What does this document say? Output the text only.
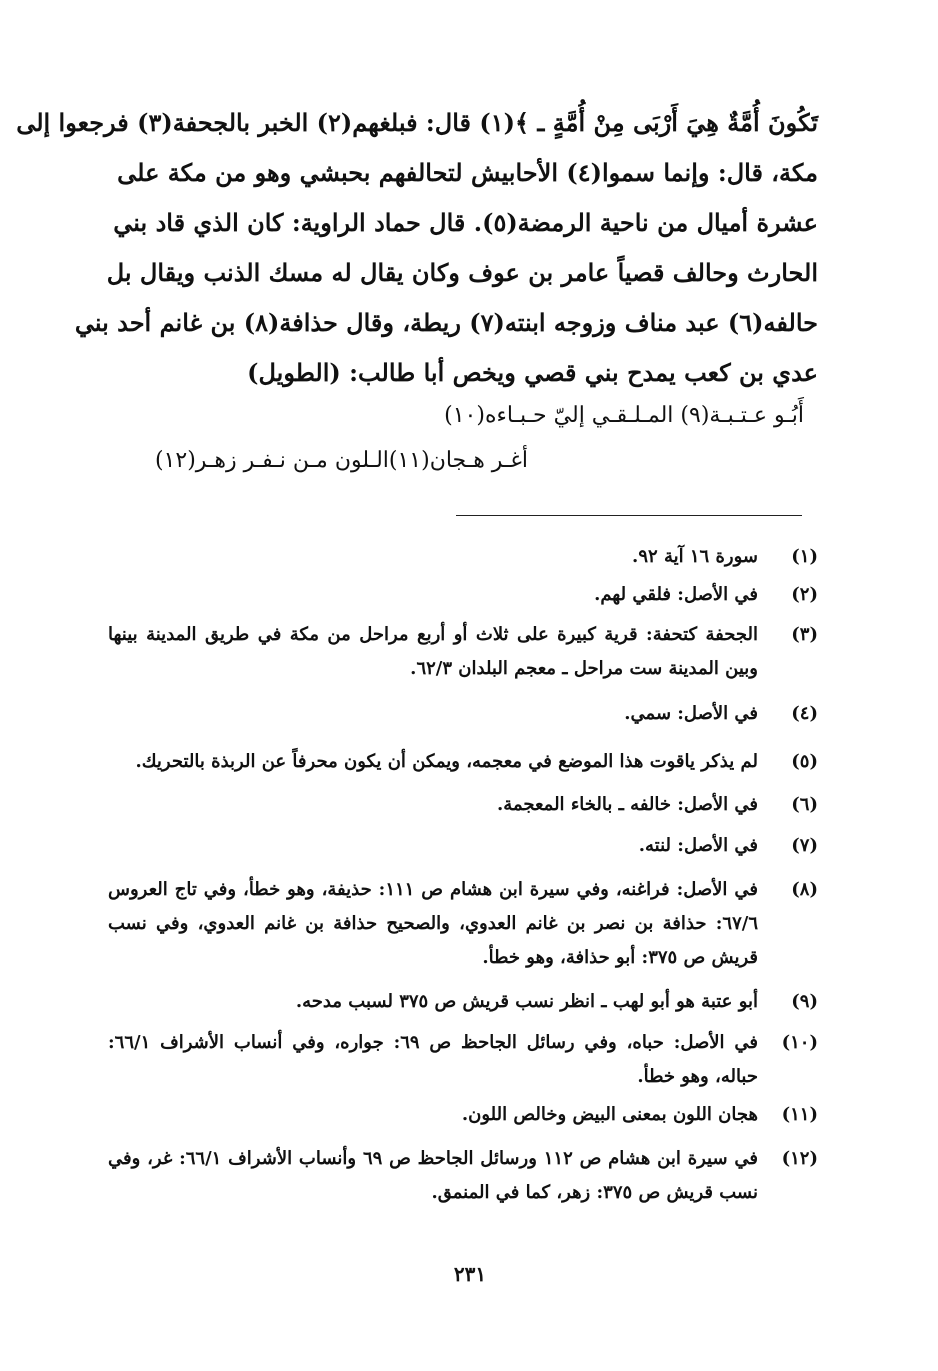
تَكُونَ أُمَّةٌ هِيَ أَرْبَى مِنْ أُمَّةٍ ـ ﴾(١) قال: فبلغهم(٢) الخبر بالجحفة(٣) فرجعوا إلى
مكة، قال: وإنما سموا(٤) الأحابيش لتحالفهم بحبشي وهو من مكة على
عشرة أميال من ناحية الرمضة(٥). قال حماد الراوية: كان الذي قاد بني
الحارث وحالف قصياً عامر بن عوف وكان يقال له مسك الذنب ويقال بل
حالفه(٦) عبد مناف وزوجه ابنته(٧) ريطة، وقال حذافة(٨) بن غانم أحد بني
عدي بن كعب يمدح بني قصي ويخص أبا طالب: (الطويل)
أَبُـو عـتـبـة(٩) المـلـقـي إليّ حـبـاءه(١٠)
أغـر هـجان(١١)الـلون مـن نـفـر زهـر(١٢)
(١)
سورة ١٦ آية ٩٢.
(٢)
في الأصل: فلقي لهم.
(٣)
الجحفة كتحفة: قرية كبيرة على ثلاث أو أربع مراحل من مكة في طريق المدينة بينها وبين المدينة ست مراحل ـ معجم البلدان ٦٢/٣.
(٤)
في الأصل: سمي.
(٥)
لم يذكر ياقوت هذا الموضع في معجمه، ويمكن أن يكون محرفاً عن الربذة بالتحريك.
(٦)
في الأصل: خالفه ـ بالخاء المعجمة.
(٧)
في الأصل: لنته.
(٨)
في الأصل: فراغنه، وفي سيرة ابن هشام ص ١١١: حذيفة، وهو خطأ، وفي تاج العروس ٦٧/٦: حذافة بن نصر بن غانم العدوي، والصحيح حذافة بن غانم العدوي، وفي نسب قريش ص ٣٧٥: أبو حذافة، وهو خطأ.
(٩)
أبو عتبة هو أبو لهب ـ انظر نسب قريش ص ٣٧٥ لسبب مدحه.
(١٠)
في الأصل: حباه، وفي رسائل الجاحظ ص ٦٩: جواره، وفي أنساب الأشراف ٦٦/١: حباله، وهو خطأ.
(١١)
هجان اللون بمعنى البيض وخالص اللون.
(١٢)
في سيرة ابن هشام ص ١١٢ ورسائل الجاحظ ص ٦٩ وأنساب الأشراف ٦٦/١: غر، وفي نسب قريش ص ٣٧٥: زهر، كما في المنمق.
٢٣١
